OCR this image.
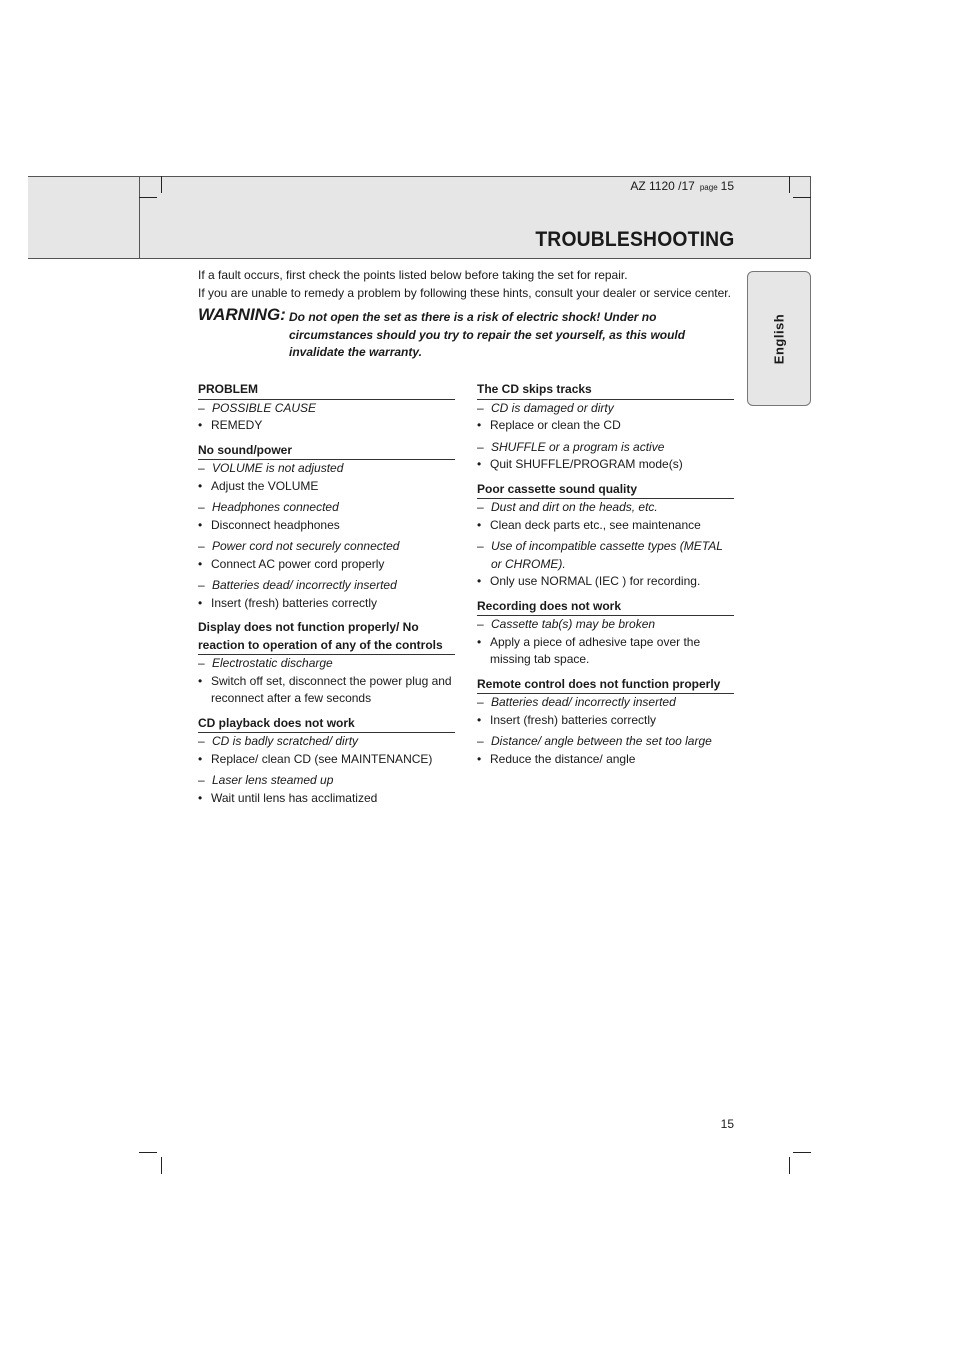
AZ 1120 /17 page 15
TROUBLESHOOTING
English

If a fault occurs, first check the points listed below before taking the set for repair.

If you are unable to remedy a problem by following these hints, consult your dealer or service center.

WARNING: Do not open the set as there is a risk of electric shock! Under no circumstances should you try to repair the set yourself, as this would invalidate the warranty.
PROBLEM
– POSSIBLE CAUSE
• REMEDY
No sound/power
– VOLUME is not adjusted
• Adjust the VOLUME
– Headphones connected
• Disconnect headphones
– Power cord not securely connected
• Connect AC power cord properly
– Batteries dead/ incorrectly inserted
• Insert (fresh) batteries correctly
Display does not function properly/ No reaction to operation of any of the controls
– Electrostatic discharge
• Switch off set, disconnect the power plug and reconnect after a few seconds
CD playback does not work
– CD is badly scratched/ dirty
• Replace/ clean CD (see MAINTENANCE)
– Laser lens steamed up
• Wait until lens has acclimatized
The CD skips tracks
– CD is damaged or dirty
• Replace or clean the CD
– SHUFFLE or a program is active
• Quit SHUFFLE/PROGRAM mode(s)
Poor cassette sound quality
– Dust and dirt on the heads, etc.
• Clean deck parts etc., see maintenance
– Use of incompatible cassette types (METAL or CHROME).
• Only use NORMAL (IEC ) for recording.
Recording does not work
– Cassette tab(s) may be broken
• Apply a piece of adhesive tape over the missing tab space.
Remote control does not function properly
– Batteries dead/ incorrectly inserted
• Insert (fresh) batteries correctly
– Distance/ angle between the set too large
• Reduce the distance/ angle
15
